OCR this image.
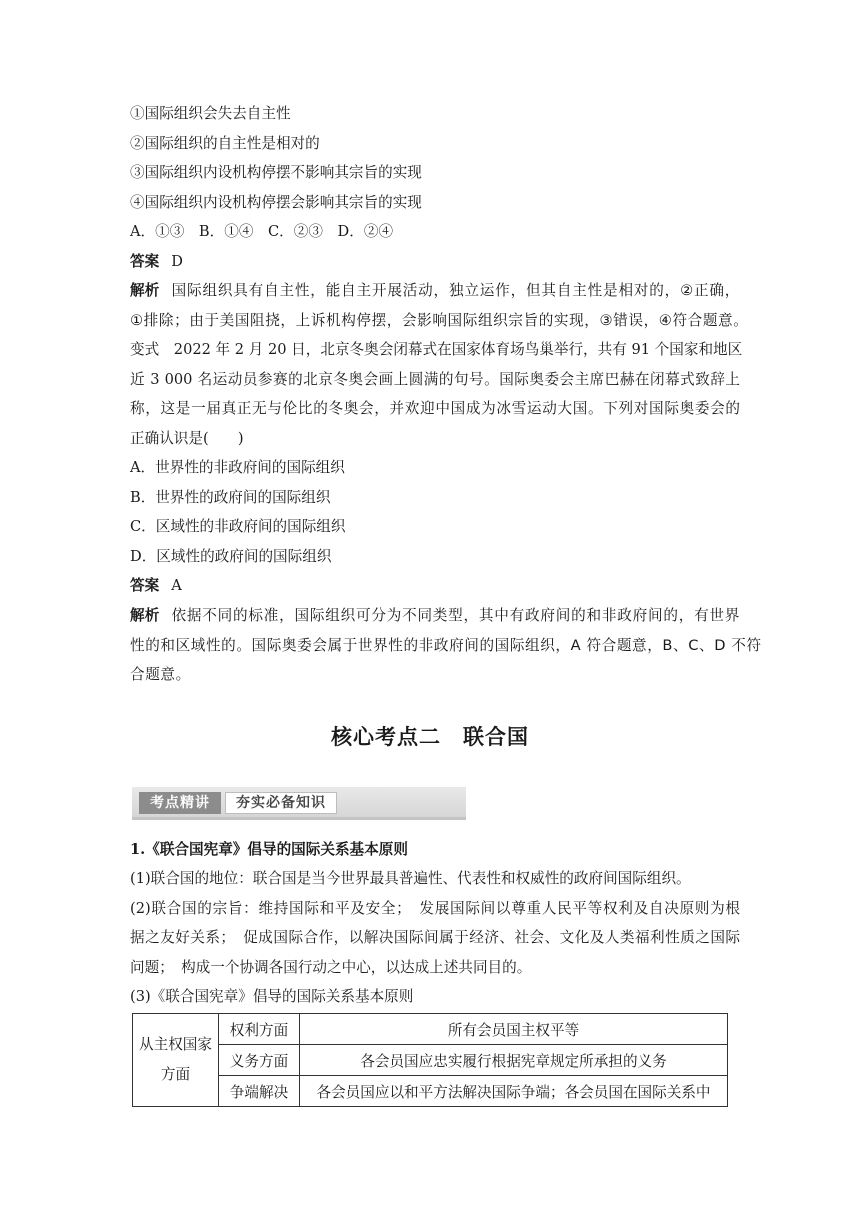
①国际组织会失去自主性
②国际组织的自主性是相对的
③国际组织内设机构停摆不影响其宗旨的实现
④国际组织内设机构停摆会影响其宗旨的实现
A．①③　B．①④　C．②③　D．②④
答案 D
解析 国际组织具有自主性，能自主开展活动，独立运作，但其自主性是相对的，②正确，
①排除；由于美国阻挠，上诉机构停摆，会影响国际组织宗旨的实现，③错误，④符合题意。
变式　2022 年 2 月 20 日，北京冬奥会闭幕式在国家体育场鸟巢举行，共有 91 个国家和地区
近 3 000 名运动员参赛的北京冬奥会画上圆满的句号。国际奥委会主席巴赫在闭幕式致辞上
称，这是一届真正无与伦比的冬奥会，并欢迎中国成为冰雪运动大国。下列对国际奥委会的
正确认识是(　　)
A．世界性的非政府间的国际组织
B．世界性的政府间的国际组织
C．区域性的非政府间的国际组织
D．区域性的政府间的国际组织
答案 A
解析 依据不同的标准，国际组织可分为不同类型，其中有政府间的和非政府间的，有世界
性的和区域性的。国际奥委会属于世界性的非政府间的国际组织，A 符合题意，B、C、D 不符
合题意。
核心考点二　联合国
考点精讲	夯实必备知识
1.《联合国宪章》倡导的国际关系基本原则
(1)联合国的地位：联合国是当今世界最具普遍性、代表性和权威性的政府间国际组织。
(2)联合国的宗旨：维持国际和平及安全；　发展国际间以尊重人民平等权利及自决原则为根
据之友好关系；　促成国际合作，以解决国际间属于经济、社会、文化及人类福利性质之国际
问题；　构成一个协调各国行动之中心，以达成上述共同目的。
(3)《联合国宪章》倡导的国际关系基本原则
从主权国家方面	权利方面	所有会员国主权平等
	义务方面	各会员国应忠实履行根据宪章规定所承担的义务
	争端解决	各会员国应以和平方法解决国际争端；各会员国在国际关系中
